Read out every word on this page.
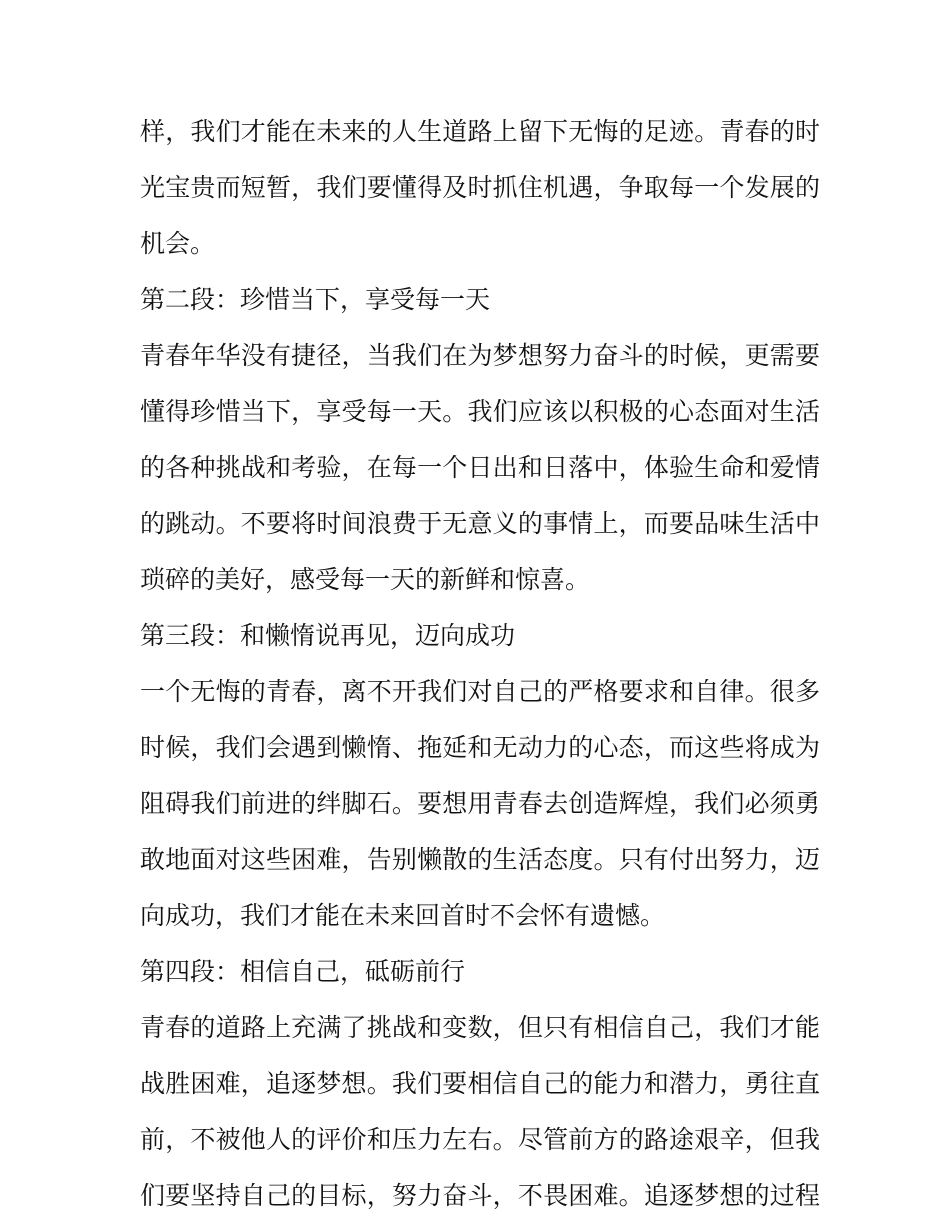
样，我们才能在未来的人生道路上留下无悔的足迹。青春的时
光宝贵而短暂，我们要懂得及时抓住机遇，争取每一个发展的
机会。
第二段：珍惜当下，享受每一天
青春年华没有捷径，当我们在为梦想努力奋斗的时候，更需要
懂得珍惜当下，享受每一天。我们应该以积极的心态面对生活
的各种挑战和考验，在每一个日出和日落中，体验生命和爱情
的跳动。不要将时间浪费于无意义的事情上，而要品味生活中
琐碎的美好，感受每一天的新鲜和惊喜。
第三段：和懒惰说再见，迈向成功
一个无悔的青春，离不开我们对自己的严格要求和自律。很多
时候，我们会遇到懒惰、拖延和无动力的心态，而这些将成为
阻碍我们前进的绊脚石。要想用青春去创造辉煌，我们必须勇
敢地面对这些困难，告别懒散的生活态度。只有付出努力，迈
向成功，我们才能在未来回首时不会怀有遗憾。
第四段：相信自己，砥砺前行
青春的道路上充满了挑战和变数，但只有相信自己，我们才能
战胜困难，追逐梦想。我们要相信自己的能力和潜力，勇往直
前，不被他人的评价和压力左右。尽管前方的路途艰辛，但我
们要坚持自己的目标，努力奋斗，不畏困难。追逐梦想的过程
